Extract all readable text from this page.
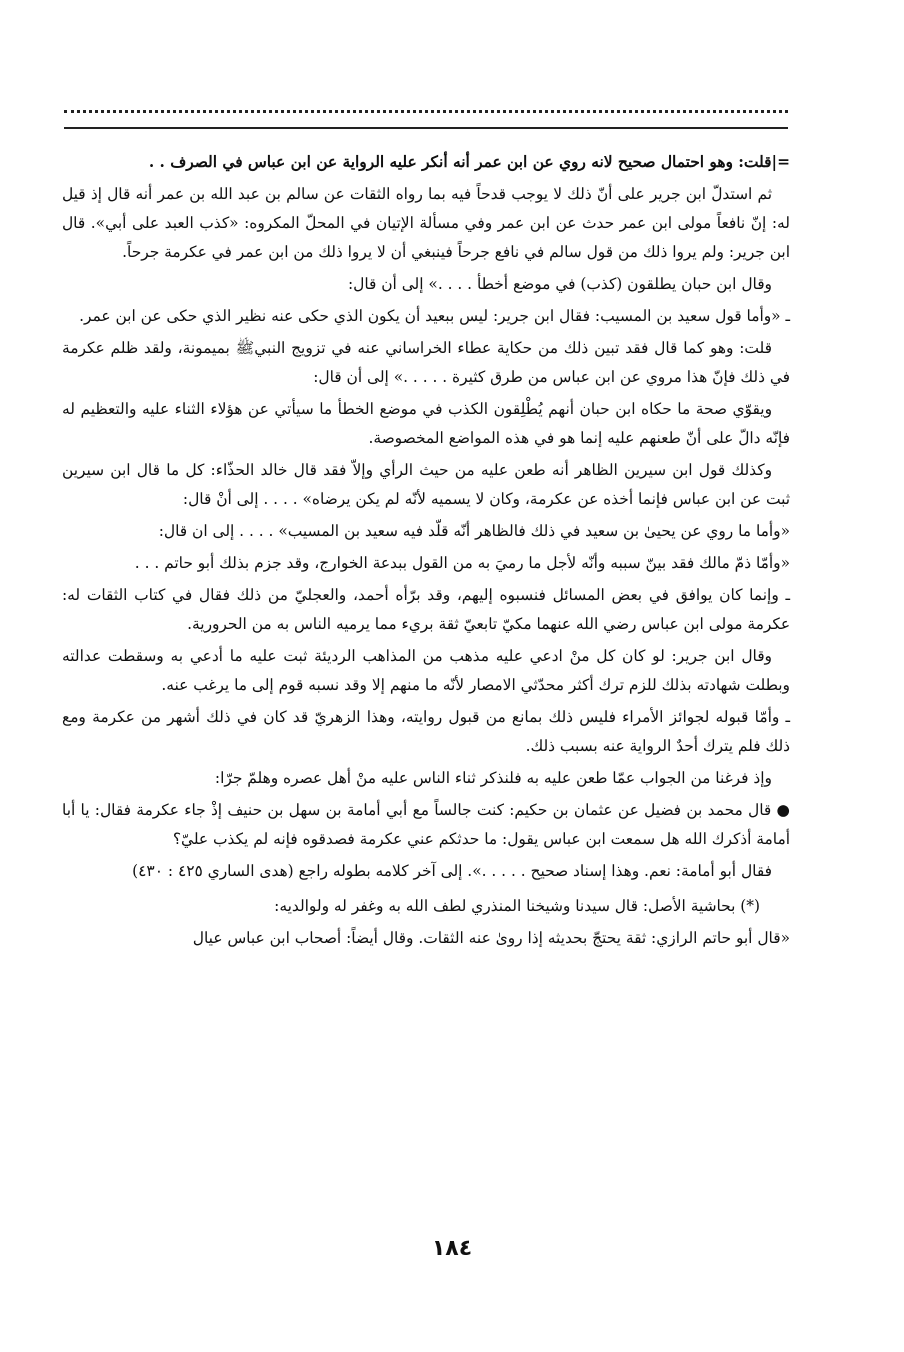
=|قلت: وهو احتمال صحيح لانه روي عن ابن عمر أنه أنكر عليه الرواية عن ابن عباس في الصرف . .

ثم استدلّ ابن جرير على أنّ ذلك لا يوجب قدحاً فيه بما رواه الثقات عن سالم بن عبد الله بن عمر أنه قال إذ قيل له: إنّ نافعاً مولى ابن عمر حدث عن ابن عمر وفي مسألة الإتيان في المحلّ المكروه: «كذب العبد على أبي». قال ابن جرير: ولم يروا ذلك من قول سالم في نافع جرحاً فينبغي أن لا يروا ذلك من ابن عمر في عكرمة جرحاً.

وقال ابن حبان يطلقون (كذب) في موضع أخطأ . . . .» إلى أن قال:

ـ «وأما قول سعيد بن المسيب: فقال ابن جرير: ليس ببعيد أن يكون الذي حكى عنه نظير الذي حكى عن ابن عمر.

قلت: وهو كما قال فقد تبين ذلك من حكاية عطاء الخراساني عنه في تزويج النبيﷺ بميمونة، ولقد ظلم عكرمة في ذلك فإنّ هذا مروي عن ابن عباس من طرق كثيرة . . . . .» إلى أن قال:

ويقوّي صحة ما حكاه ابن حبان أنهم يُطْلِقون الكذب في موضع الخطأ ما سيأتي عن هؤلاء الثناء عليه والتعظيم له فإنّه دالّ على أنّ طعنهم عليه إنما هو في هذه المواضع المخصوصة.

وكذلك قول ابن سيرين الظاهر أنه طعن عليه من حيث الرأي وإلاّ فقد قال خالد الحذّاء: كل ما قال ابن سيرين ثبت عن ابن عباس فإنما أخذه عن عكرمة، وكان لا يسميه لأنّه لم يكن يرضاه» . . . . إلى أنْ قال:

«وأما ما روي عن يحيىٰ بن سعيد في ذلك فالظاهر أنّه قلّد فيه سعيد بن المسيب» . . . . إلى ان قال:

«وأمّا ذمّ مالك فقد بينّ سببه وأنّه لأجل ما رميَ به من القول ببدعة الخوارج، وقد جزم بذلك أبو حاتم . . .

ـ وإنما كان يوافق في بعض المسائل فنسبوه إليهم، وقد برّأه أحمد، والعجليّ من ذلك فقال في كتاب الثقات له: عكرمة مولى ابن عباس رضي الله عنهما مكيّ تابعيّ ثقة بريء مما يرميه الناس به من الحرورية.

وقال ابن جرير: لو كان كل منْ ادعي عليه مذهب من المذاهب الرديئة ثبت عليه ما أدعي به وسقطت عدالته وبطلت شهادته بذلك للزم ترك أكثر محدّثي الامصار لأنّه ما منهم إلا وقد نسبه قوم إلى ما يرغب عنه.

ـ وأمّا قبوله لجوائز الأمراء فليس ذلك بمانع من قبول روايته، وهذا الزهريّ قد كان في ذلك أشهر من عكرمة ومع ذلك فلم يترك أحدٌ الرواية عنه بسبب ذلك.

وإذ فرغنا من الجواب عمّا طعن عليه به فلنذكر ثناء الناس عليه منْ أهل عصره وهلمّ جرّا:

● قال محمد بن فضيل عن عثمان بن حكيم: كنت جالساً مع أبي أمامة بن سهل بن حنيف إذْ جاء عكرمة فقال: يا أبا أمامة أذكرك الله هل سمعت ابن عباس يقول: ما حدثكم عني عكرمة فصدقوه فإنه لم يكذب عليّ؟

فقال أبو أمامة: نعم. وهذا إسناد صحيح . . . . .». إلى آخر كلامه بطوله راجع (هدى الساري ٤٢٥ : ٤٣٠)

(*) بحاشية الأصل: قال سيدنا وشيخنا المنذري لطف الله به وغفر له ولوالديه:

«قال أبو حاتم الرازي: ثقة يحتجّ بحديثه إذا روىٰ عنه الثقات. وقال أيضاً: أصحاب ابن عباس عيال

١٨٤
